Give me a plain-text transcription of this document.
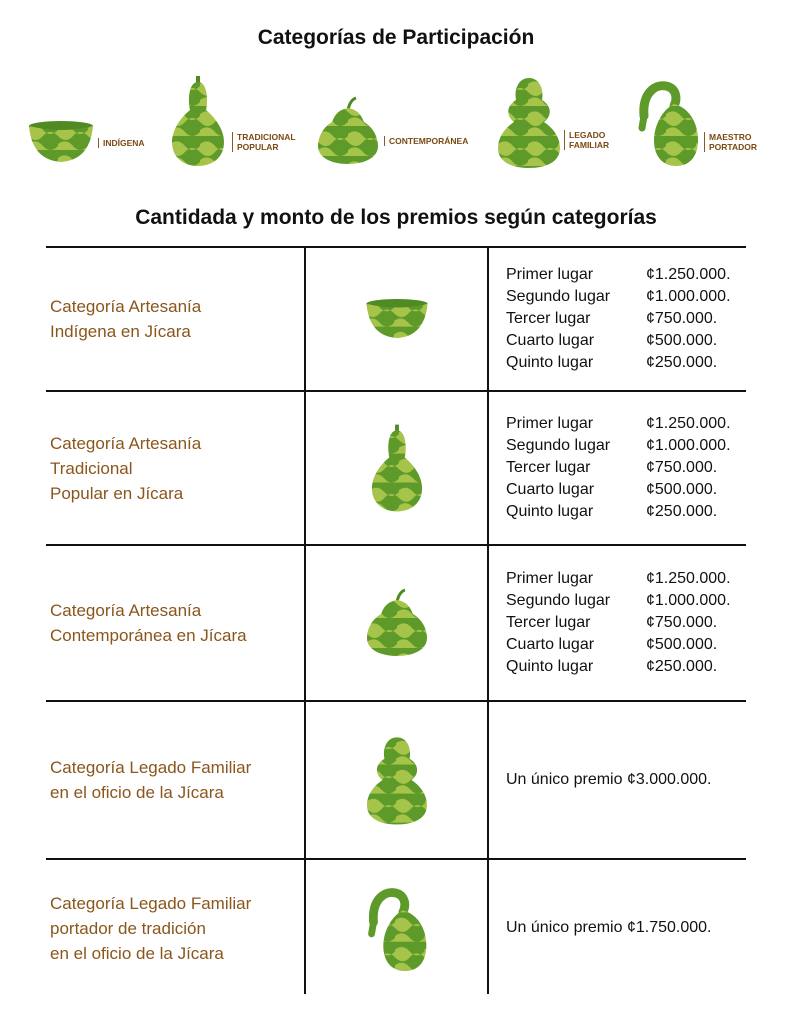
Categorías de Participación
INDÍGENA
TRADICIONAL
POPULAR
CONTEMPORÁNEA
LEGADO
FAMILIAR
MAESTRO
PORTADOR
Cantidada y monto de los premios según categorías
Categoría Artesanía
Indígena en Jícara
Primer lugar	¢1.250.000.
Segundo lugar	¢1.000.000.
Tercer lugar	¢750.000.
Cuarto lugar	¢500.000.
Quinto lugar	¢250.000.
Categoría Artesanía
Tradicional
Popular en Jícara
Primer lugar	¢1.250.000.
Segundo lugar	¢1.000.000.
Tercer lugar	¢750.000.
Cuarto lugar	¢500.000.
Quinto lugar	¢250.000.
Categoría Artesanía
Contemporánea en Jícara
Primer lugar	¢1.250.000.
Segundo lugar	¢1.000.000.
Tercer lugar	¢750.000.
Cuarto lugar	¢500.000.
Quinto lugar	¢250.000.
Categoría Legado Familiar
en el oficio de la Jícara
Un único premio ¢3.000.000.
Categoría Legado Familiar
portador de tradición
en el oficio de la Jícara
Un único premio ¢1.750.000.
